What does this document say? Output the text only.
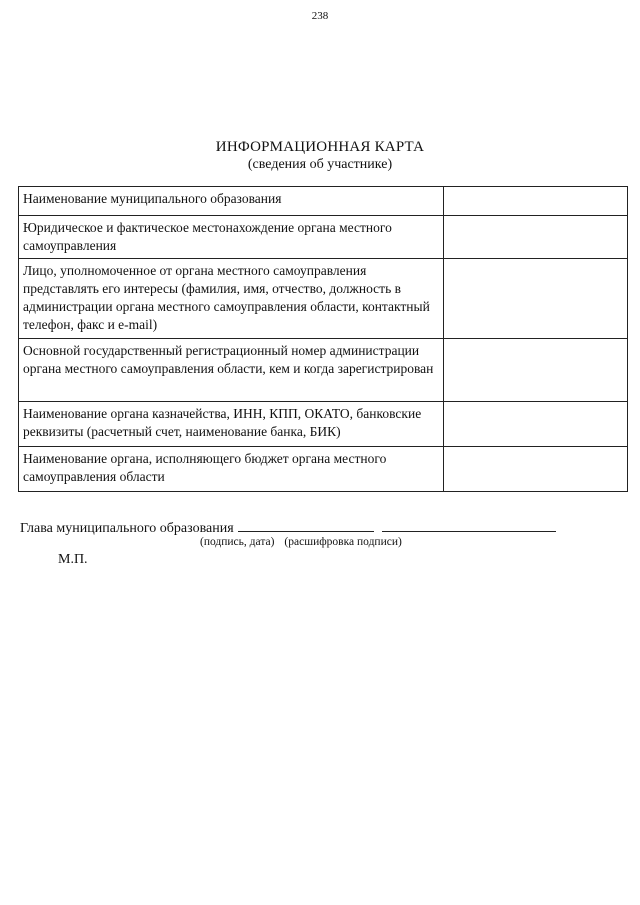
238
ИНФОРМАЦИОННАЯ КАРТА
(сведения об участнике)
Наименование муниципального образования	
Юридическое и фактическое местонахождение органа местного самоуправления	
Лицо, уполномоченное от органа местного самоуправления представлять его интересы (фамилия, имя, отчество, должность в администрации органа местного самоуправления области, контактный телефон, факс и e-mail)	
Основной государственный регистрационный номер администрации органа местного самоуправления области, кем и когда зарегистрирован	
Наименование органа казначейства, ИНН, КПП, ОКАТО, банковские реквизиты (расчетный счет, наименование банка, БИК)	
Наименование органа, исполняющего бюджет органа местного самоуправления области	
Глава муниципального образования
(подпись, дата) (расшифровка подписи)
М.П.
